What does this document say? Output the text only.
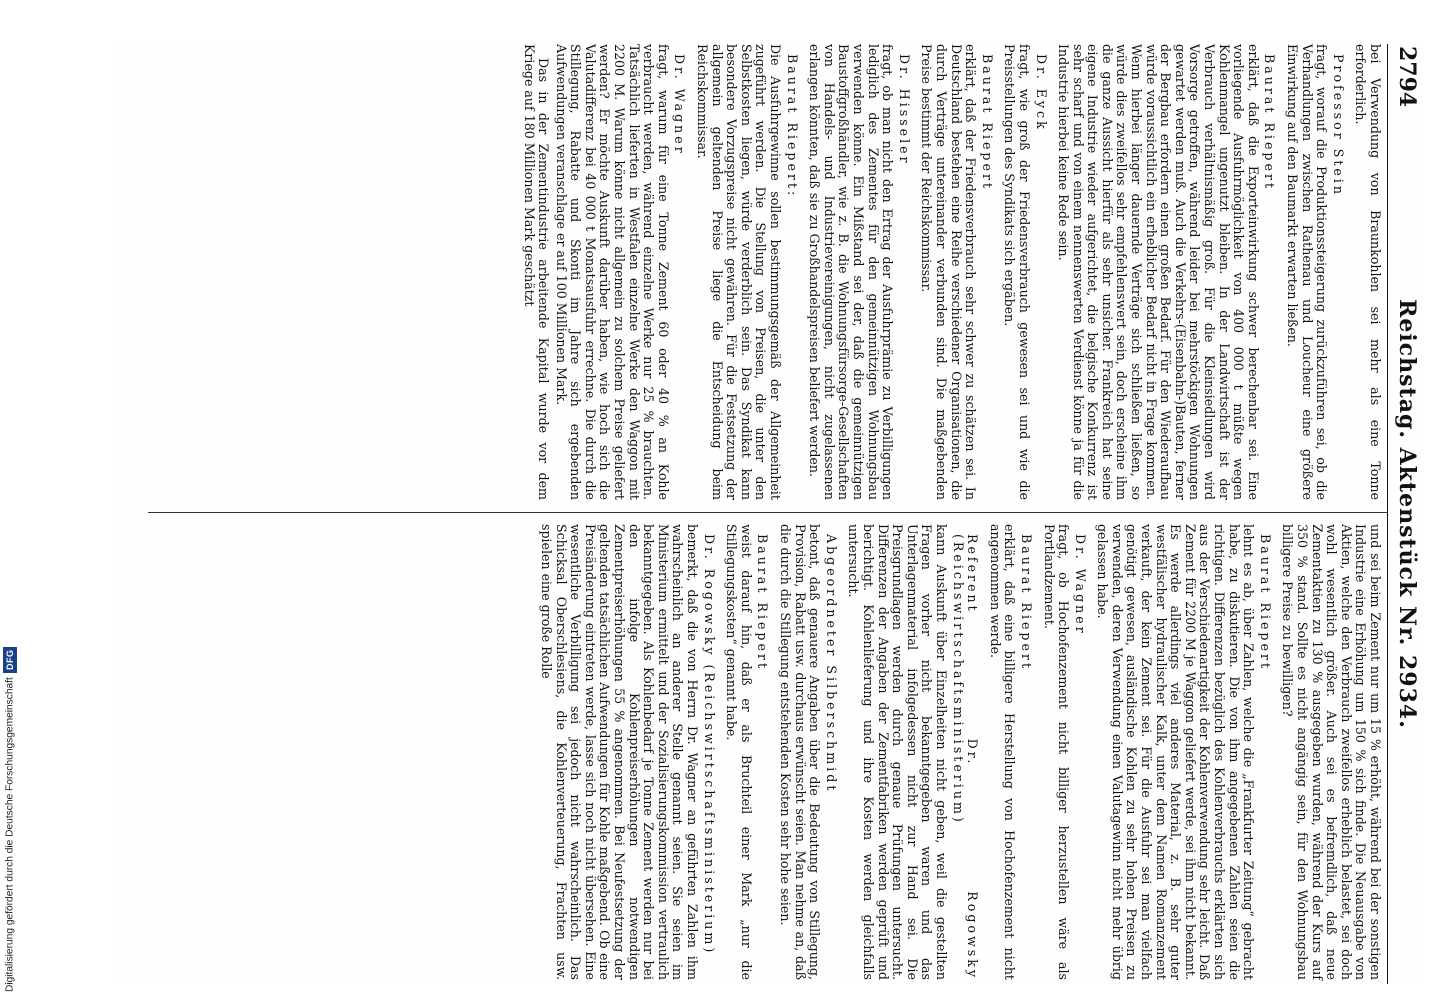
Digitalisierung gefördert durch die Deutsche Forschungsgemeinschaft
DFG
2794
Reichstag. Aktenstück Nr. 2934.

bei Verwendung von Braunkohlen sei mehr als eine Tonne erforderlich.

Professor Stein

fragt, worauf die Produktionssteigerung zurückzuführen sei, ob die Verhandlungen zwischen Rathenau und Loucheur eine größere Einwirkung auf den Baumarkt erwarten ließen.

Baurat Riepert

erklärt, daß die Exporteinwirkung schwer berechenbar sei. Eine vorliegende Ausfuhrmöglichkeit von 400 000 t müßte wegen Kohlenmangel ungenutzt bleiben. In der Landwirtschaft ist der Verbrauch verhältnismäßig groß. Für die Kleinsiedlungen wird Vorsorge getroffen, während leider bei mehrstöckigen Wohnungen gewartet werden muß. Auch die Verkehrs-(Eisenbahn-)Bauten, ferner der Bergbau erfordern einen großen Bedarf. Für den Wiederaufbau würde voraussichtlich ein erheblicher Bedarf nicht in Frage kommen. Wenn hierbei länger dauernde Verträge sich schließen ließen, so würde dies zweifellos sehr empfehlenswert sein, doch erscheine ihm die ganze Aussicht hierfür als sehr unsicher. Frankreich hat seine eigene Industrie wieder aufgerichtet, die belgische Konkurrenz ist sehr scharf und von einem nennenswerten Verdienst könne ja für die Industrie hierbei keine Rede sein.

Dr. Eyck

fragt, wie groß der Friedensverbrauch gewesen sei und wie die Preisstellungen des Syndikats sich ergäben.

Baurat Riepert

erklärt, daß der Friedensverbrauch sehr schwer zu schätzen sei. In Deutschland bestehen eine Reihe verschiedener Organisationen, die durch Verträge untereinander verbunden sind. Die maßgebenden Preise bestimmt der Reichskommissar.

Dr. Hisseler

fragt, ob man nicht den Ertrag der Ausfuhrprämie zu Verbilligungen lediglich des Zementes für den gemeinnützigen Wohnungsbau verwenden könne. Ein Mißstand sei der, daß die gemeinnützigen Baustoffgroßhändler, wie z. B. die Wohnungsfürsorge-Gesellschaften von Handels- und Industrievereinigungen, nicht zugelassenen erlangen könnten, daß sie zu Großhandelspreisen beliefert werden.

Baurat Riepert:

Die Ausfuhrgewinne sollen bestimmungsgemäß der Allgemeinheit zugeführt werden. Die Stellung von Preisen, die unter den Selbstkosten liegen, würde verderblich sein. Das Syndikat kann besondere Vorzugspreise nicht gewähren. Für die Festsetzung der allgemein geltenden Preise liege die Entscheidung beim Reichskommissar.

Dr. Wagner

fragt, warum für eine Tonne Zement 60 oder 40 % an Kohle verbraucht werden, während einzelne Werke nur 25 % brauchten. Tatsächlich lieferten in Westfalen einzelne Werke den Waggon mit 2200 M. Warum könne nicht allgemein zu solchem Preise geliefert werden? Er möchte Auskunft darüber haben, wie hoch sich die Valutadifferenz bei 40 000 t Monatsausfuhr errechne. Die durch die Stillegung, Rabatte und Skonti im Jahre sich ergebenden Aufwendungen veranschlage er auf 100 Millionen Mark.

Das in der Zementindustrie arbeitende Kapital wurde vor dem Kriege auf 180 Millionen Mark geschätzt

und sei beim Zement nur um 15 % erhöht, während bei der sonstigen Industrie eine Erhöhung um 150 % sich finde. Die Neuausgabe von Aktien, welche den Verbrauch zweifellos erheblich belastet, sei doch wohl wesentlich größer. Auch sei es befremdlich, daß neue Zementaktien zu 130 % ausgegeben wurden, während der Kurs auf 350 % stand. Sollte es nicht angängig sein, für den Wohnungsbau billigere Preise zu bewilligen?

Baurat Riepert

lehnt es ab, über Zahlen, welche die „Frankfurter Zeitung“ gebracht habe, zu diskutieren. Die von ihm angegebenen Zahlen seien die richtigen. Differenzen bezüglich des Kohlenverbrauchs erklärten sich aus der Verschiedenartigkeit der Kohlenverwendung sehr leicht. Daß Zement für 2200 M je Waggon geliefert werde, sei ihm nicht bekannt. Es werde allerdings viel anderes Material, z. B. sehr guter westfälischer hydraulischer Kalk, unter dem Namen Romanzement verkauft, der kein Zement sei. Für die Ausfuhr sei man vielfach genötigt gewesen, ausländische Kohlen zu sehr hohen Preisen zu verwenden, deren Verwendung einen Valutagewinn nicht mehr übrig gelassen habe.

Dr. Wagner

fragt, ob Hochofenzement nicht billiger herzustellen wäre als Portlandzement.

Baurat Riepert

erklärt, daß eine billigere Herstellung von Hochofenzement nicht angenommen werde.

Referent Dr. Rogowsky (Reichswirtschaftsministerium)

kann Auskunft über Einzelheiten nicht geben, weil die gestellten Fragen vorher nicht bekanntgegeben waren und das Unterlagenmaterial infolgedessen nicht zur Hand sei. Die Preisgrundlagen werden durch genaue Prüfungen untersucht. Differenzen der Angaben der Zementfabriken werden geprüft und berichtigt. Kohlenlieferung und ihre Kosten werden gleichfalls untersucht.

Abgeordneter Silberschmidt

betont, daß genauere Angaben über die Bedeutung von Stillegung, Provision, Rabatt usw. durchaus erwünscht seien. Man nehme an, daß die durch die Stillegung entstehenden Kosten sehr hohe seien.

Baurat Riepert

weist darauf hin, daß er als Bruchteil einer Mark „nur die Stillegungskosten“ genannt habe.

Dr. Rogowsky (Reichswirtschaftsministerium)

bemerkt, daß die von Herrn Dr. Wagner an geführten Zahlen ihm wahrscheinlich an anderer Stelle genannt seien. Sie seien im Ministerium ermittelt und der Sozialisierungskommission vertraulich bekanntgegeben. Als Kohlenbedarf je Tonne Zement werden nur bei den infolge Kohlenpreiserhöhungen notwendigen Zementpreiserhöhungen 55 % angenommen. Bei Neufestsetzung der geltenden tatsächlichen Aufwendungen für Kohle maßgebend. Ob eine Preisänderung eintreten werde, lasse sich noch nicht übersehen. Eine wesentliche Verbilligung sei jedoch nicht wahrscheinlich. Das Schicksal Oberschlesiens, die Kohlenverteuerung, Frachten usw. spielen eine große Rolle
